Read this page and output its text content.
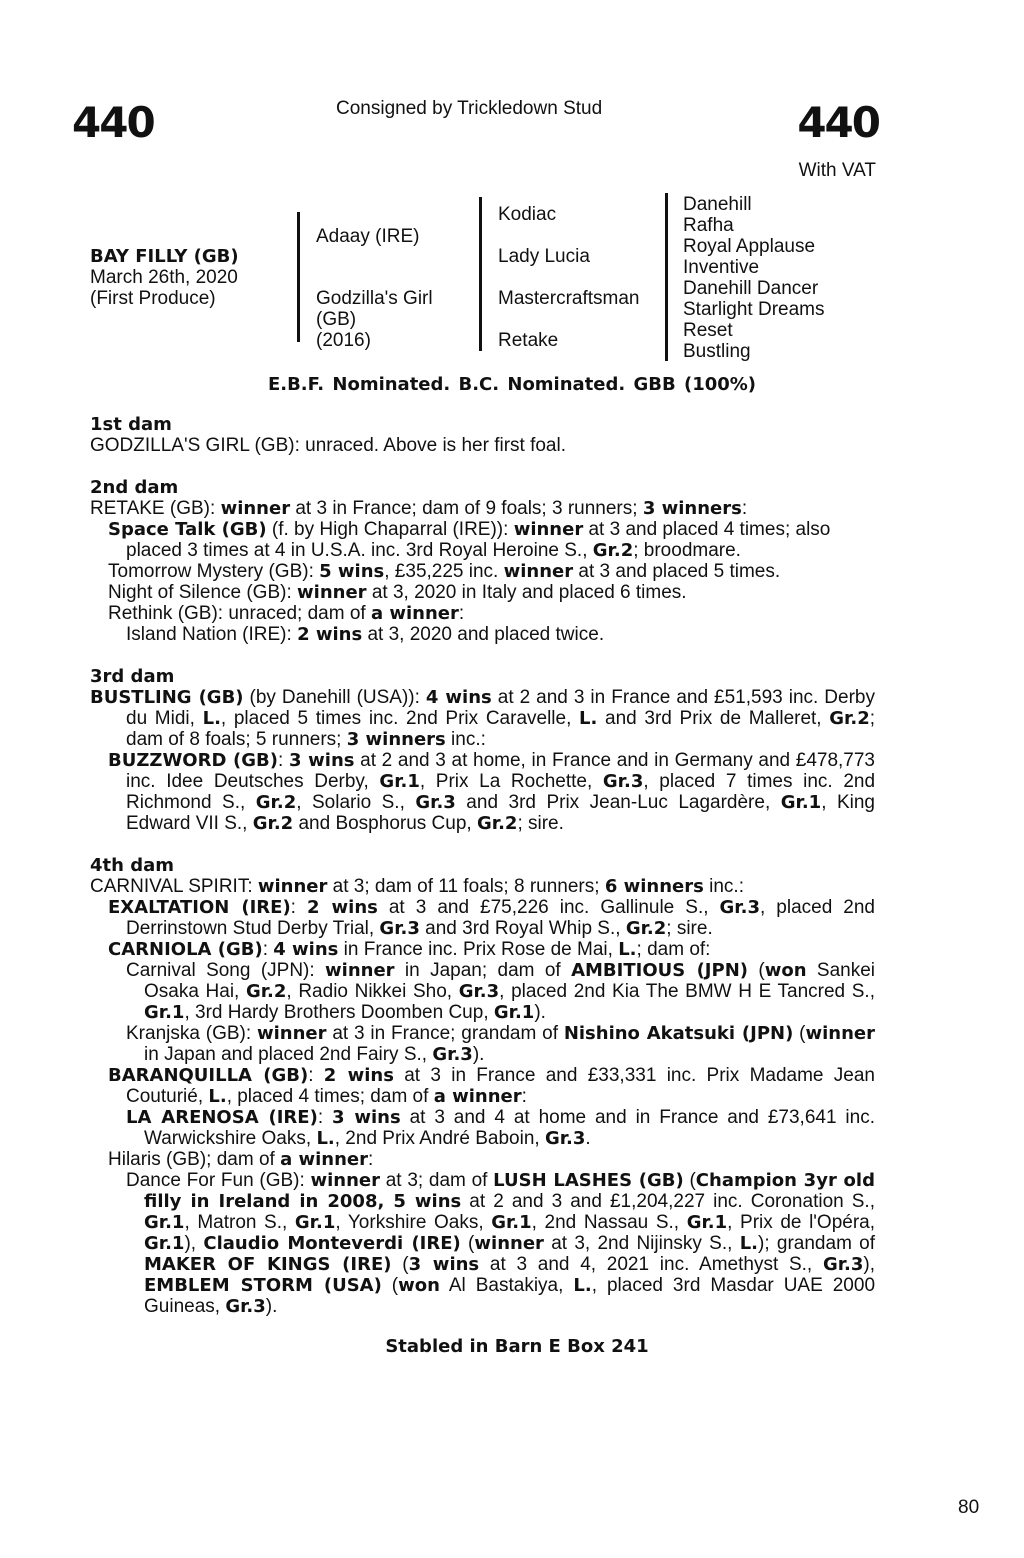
440	Consigned by Trickledown Stud	440
With VAT
BAY FILLY (GB)
March 26th, 2020
(First Produce)
Adaay (IRE)
Godzilla's Girl
(GB)
(2016)
Kodiac
Lady Lucia
Mastercraftsman
Retake
Danehill
Rafha
Royal Applause
Inventive
Danehill Dancer
Starlight Dreams
Reset
Bustling
E.B.F. Nominated. B.C. Nominated. GBB (100%)
1st dam

GODZILLA'S GIRL (GB): unraced. Above is her first foal.

2nd dam

RETAKE (GB): winner at 3 in France; dam of 9 foals; 3 runners; 3 winners:

Space Talk (GB) (f. by High Chaparral (IRE)): winner at 3 and placed 4 times; also placed 3 times at 4 in U.S.A. inc. 3rd Royal Heroine S., Gr.2; broodmare.

Tomorrow Mystery (GB): 5 wins, £35,225 inc. winner at 3 and placed 5 times.

Night of Silence (GB): winner at 3, 2020 in Italy and placed 6 times.

Rethink (GB): unraced; dam of a winner:

Island Nation (IRE): 2 wins at 3, 2020 and placed twice.

3rd dam

BUSTLING (GB) (by Danehill (USA)): 4 wins at 2 and 3 in France and £51,593 inc. Derby du Midi, L., placed 5 times inc. 2nd Prix Caravelle, L. and 3rd Prix de Malleret, Gr.2; dam of 8 foals; 5 runners; 3 winners inc.:

BUZZWORD (GB): 3 wins at 2 and 3 at home, in France and in Germany and £478,773 inc. Idee Deutsches Derby, Gr.1, Prix La Rochette, Gr.3, placed 7 times inc. 2nd Richmond S., Gr.2, Solario S., Gr.3 and 3rd Prix Jean-Luc Lagardère, Gr.1, King Edward VII S., Gr.2 and Bosphorus Cup, Gr.2; sire.

4th dam

CARNIVAL SPIRIT: winner at 3; dam of 11 foals; 8 runners; 6 winners inc.:

EXALTATION (IRE): 2 wins at 3 and £75,226 inc. Gallinule S., Gr.3, placed 2nd Derrinstown Stud Derby Trial, Gr.3 and 3rd Royal Whip S., Gr.2; sire.

CARNIOLA (GB): 4 wins in France inc. Prix Rose de Mai, L.; dam of:

Carnival Song (JPN): winner in Japan; dam of AMBITIOUS (JPN) (won Sankei Osaka Hai, Gr.2, Radio Nikkei Sho, Gr.3, placed 2nd Kia The BMW H E Tancred S., Gr.1, 3rd Hardy Brothers Doomben Cup, Gr.1).

Kranjska (GB): winner at 3 in France; grandam of Nishino Akatsuki (JPN) (winner in Japan and placed 2nd Fairy S., Gr.3).

BARANQUILLA (GB): 2 wins at 3 in France and £33,331 inc. Prix Madame Jean Couturié, L., placed 4 times; dam of a winner:

LA ARENOSA (IRE): 3 wins at 3 and 4 at home and in France and £73,641 inc. Warwickshire Oaks, L., 2nd Prix André Baboin, Gr.3.

Hilaris (GB); dam of a winner:

Dance For Fun (GB): winner at 3; dam of LUSH LASHES (GB) (Champion 3yr old filly in Ireland in 2008, 5 wins at 2 and 3 and £1,204,227 inc. Coronation S., Gr.1, Matron S., Gr.1, Yorkshire Oaks, Gr.1, 2nd Nassau S., Gr.1, Prix de l'Opéra, Gr.1), Claudio Monteverdi (IRE) (winner at 3, 2nd Nijinsky S., L.); grandam of MAKER OF KINGS (IRE) (3 wins at 3 and 4, 2021 inc. Amethyst S., Gr.3), EMBLEM STORM (USA) (won Al Bastakiya, L., placed 3rd Masdar UAE 2000 Guineas, Gr.3).

Stabled in Barn E Box 241
80
